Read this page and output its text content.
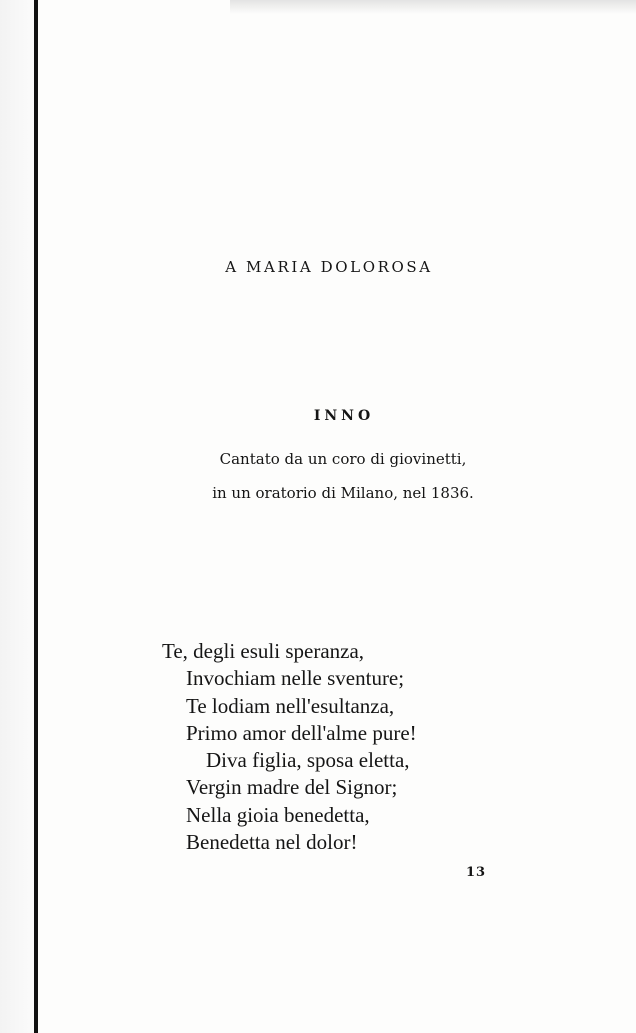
A MARIA DOLOROSA
INNO
Cantato da un coro di giovinetti,
in un oratorio di Milano, nel 1836.
Te, degli esuli speranza,
Invochiam nelle sventure;
Te lodiam nell'esultanza,
Primo amor dell'alme pure!
Diva figlia, sposa eletta,
Vergin madre del Signor;
Nella gioia benedetta,
Benedetta nel dolor!
13
